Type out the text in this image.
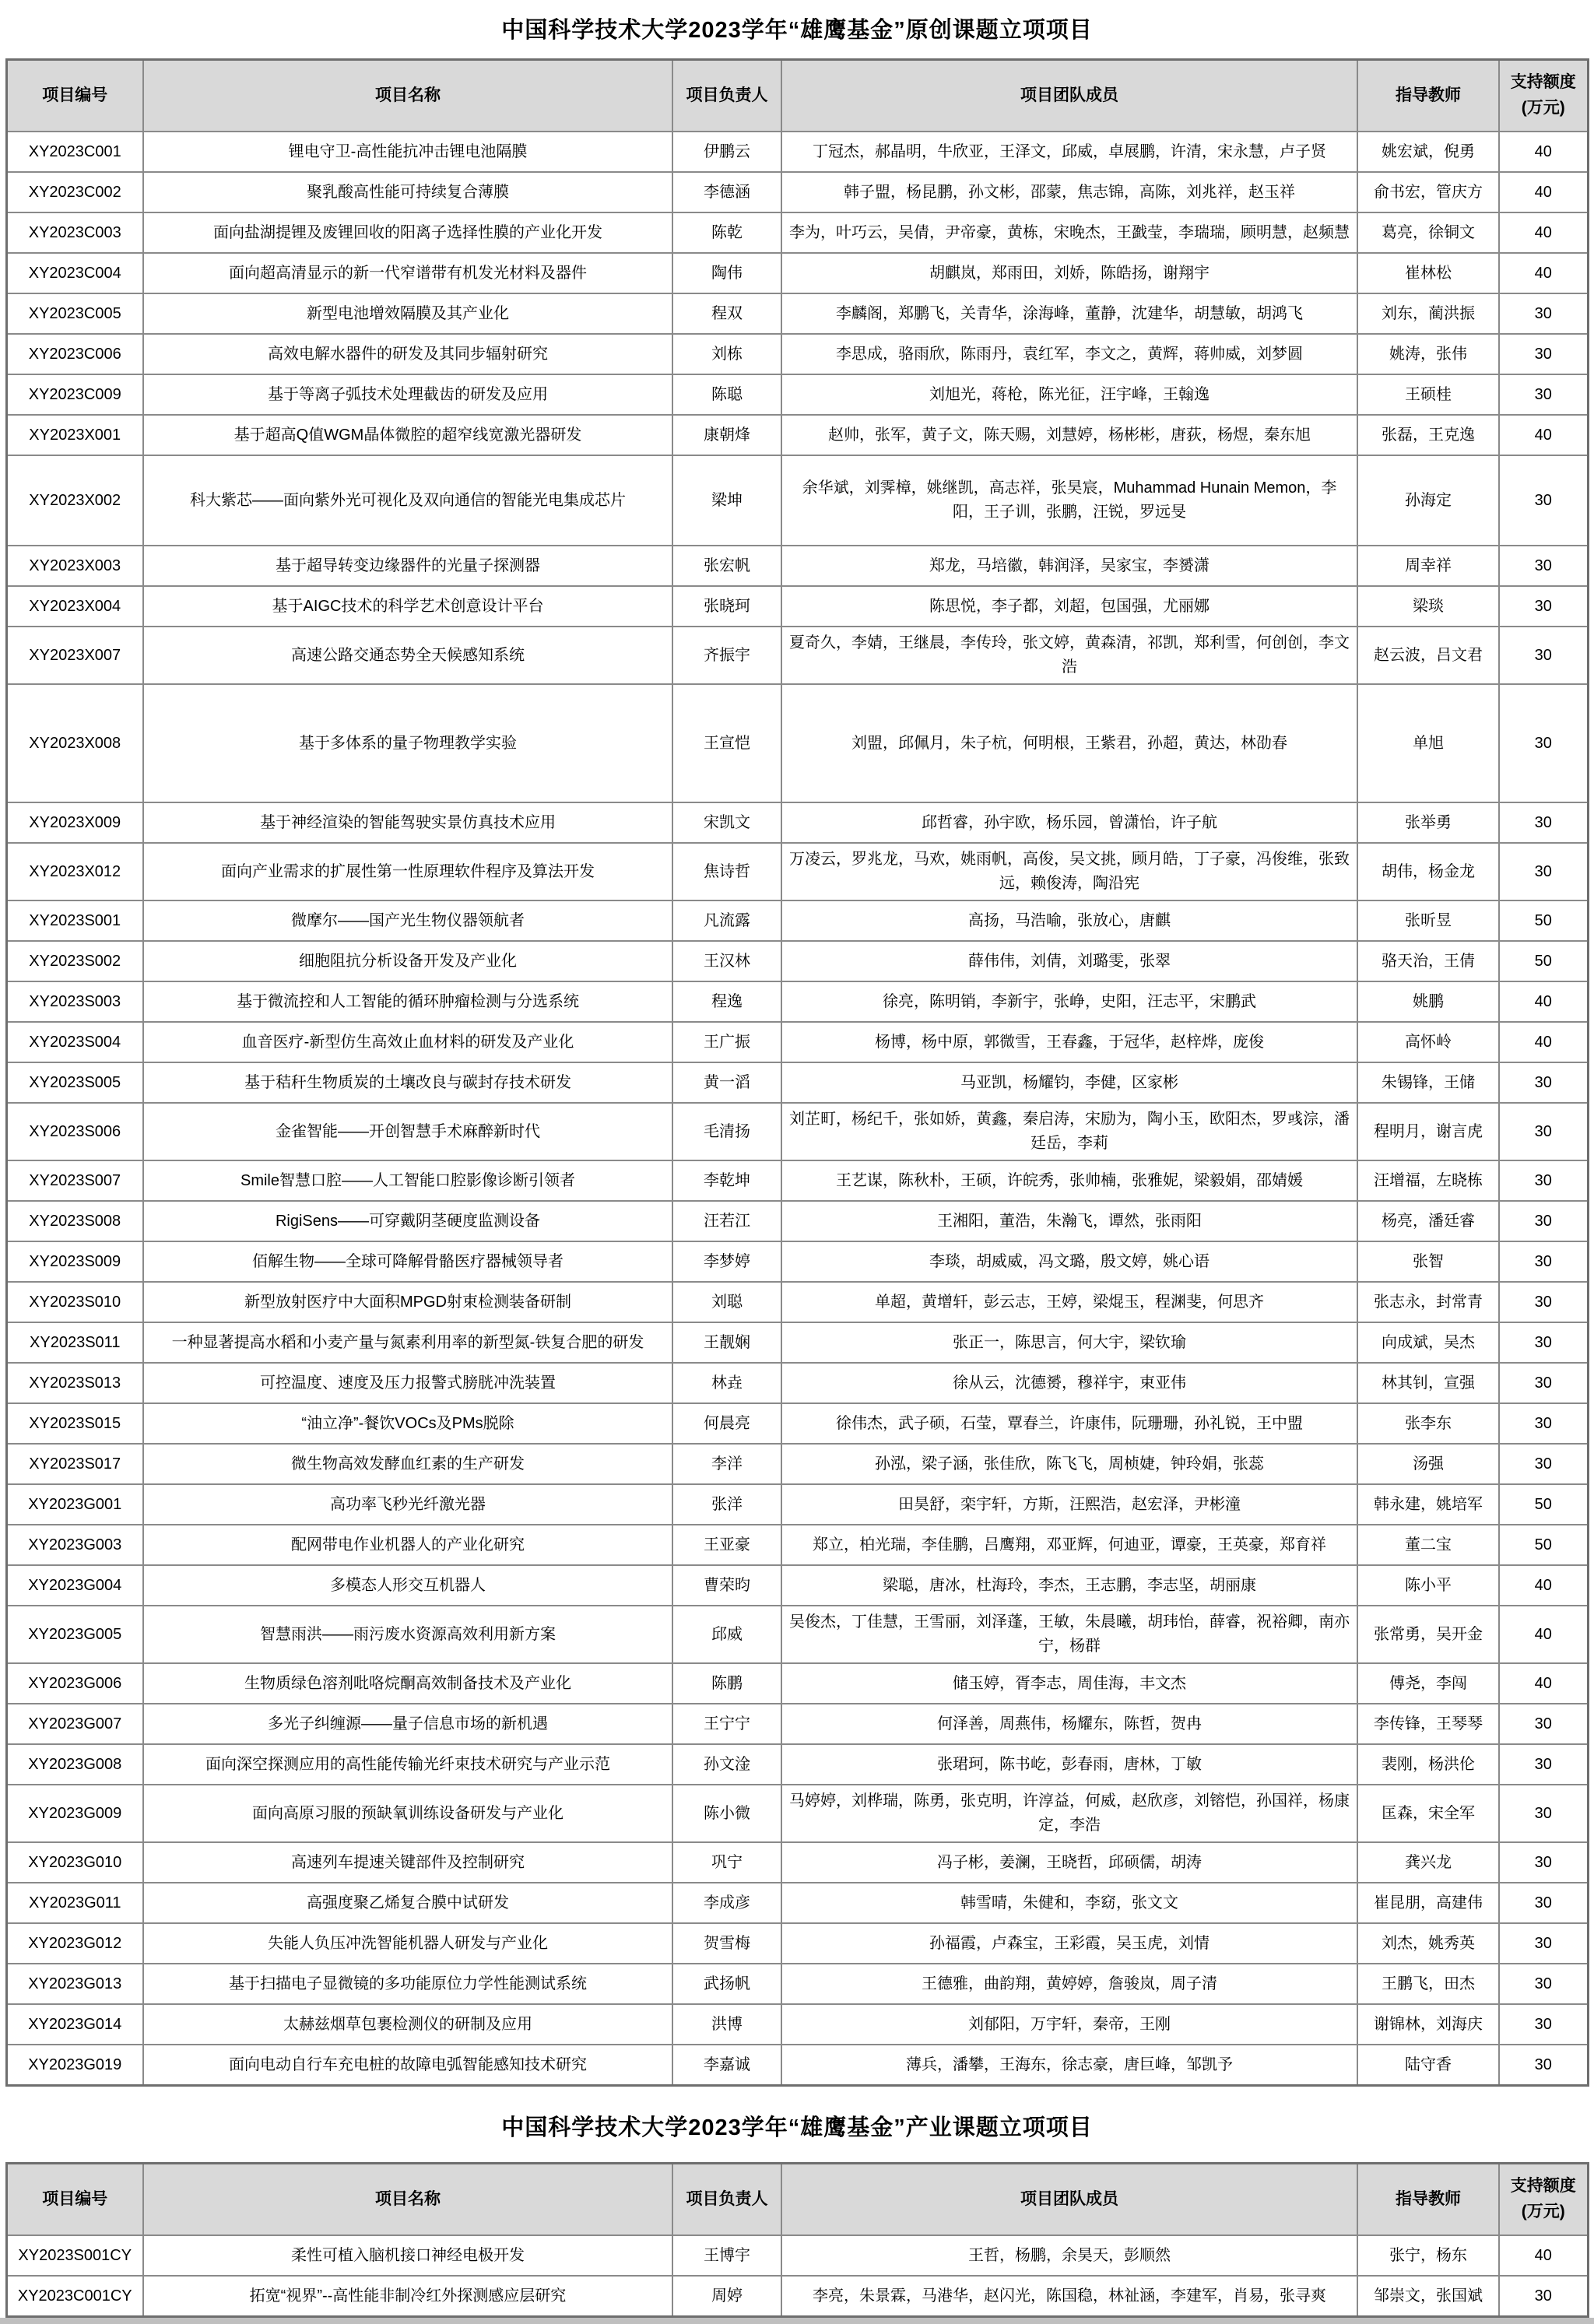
中国科学技术大学2023学年“雄鹰基金”原创课题立项项目
项目编号	项目名称	项目负责人	项目团队成员	指导教师	支持额度(万元)
XY2023C001	锂电守卫-高性能抗冲击锂电池隔膜	伊鹏云	丁冠杰，郝晶明，牛欣亚，王泽文，邱威，卓展鹏，许清，宋永慧，卢子贤	姚宏斌，倪勇	40
XY2023C002	聚乳酸高性能可持续复合薄膜	李德涵	韩子盟，杨昆鹏，孙文彬，邵蒙，焦志锦，高陈，刘兆祥，赵玉祥	俞书宏，管庆方	40
XY2023C003	面向盐湖提锂及废锂回收的阳离子选择性膜的产业化开发	陈乾	李为，叶巧云，吴倩，尹帝豪，黄栋，宋晚杰，王戤莹，李瑞瑞，顾明慧，赵频慧	葛亮，徐铜文	40
XY2023C004	面向超高清显示的新一代窄谱带有机发光材料及器件	陶伟	胡麒岚，郑雨田，刘娇，陈皓扬，谢翔宇	崔林松	40
XY2023C005	新型电池增效隔膜及其产业化	程双	李麟阁，郑鹏飞，关青华，涂海峰，董静，沈建华，胡慧敏，胡鸿飞	刘东，蔺洪振	30
XY2023C006	高效电解水器件的研发及其同步辐射研究	刘栋	李思成，骆雨欣，陈雨丹，袁红军，李文之，黄辉，蒋帅威，刘梦圆	姚涛，张伟	30
XY2023C009	基于等离子弧技术处理截齿的研发及应用	陈聪	刘旭光，蒋枪，陈光征，汪宇峰，王翰逸	王硕桂	30
XY2023X001	基于超高Q值WGM晶体微腔的超窄线宽激光器研发	康朝烽	赵帅，张军，黄子文，陈天赐，刘慧婷，杨彬彬，唐荻，杨煜，秦东旭	张磊，王克逸	40
XY2023X002	科大紫芯——面向紫外光可视化及双向通信的智能光电集成芯片	梁坤	余华斌，刘霁樟，姚继凯，高志祥，张昊宸，Muhammad Hunain Memon，李阳，王子训，张鹏，汪锐，罗远旻	孙海定	30
XY2023X003	基于超导转变边缘器件的光量子探测器	张宏帆	郑龙，马培徽，韩润泽，吴家宝，李赟潇	周幸祥	30
XY2023X004	基于AIGC技术的科学艺术创意设计平台	张晓珂	陈思悦，李子都，刘超，包国强，尤丽娜	梁琰	30
XY2023X007	高速公路交通态势全天候感知系统	齐振宇	夏奇久，李婧，王继晨，李传玲，张文婷，黄森清，祁凯，郑利雪，何创创，李文浩	赵云波，吕文君	30
XY2023X008	基于多体系的量子物理教学实验	王宣恺	刘盟，邱佩月，朱子杭，何明根，王紫君，孙超，黄达，林劭春	单旭	30
XY2023X009	基于神经渲染的智能驾驶实景仿真技术应用	宋凯文	邱哲睿，孙宇欧，杨乐园，曾潇怡，许子航	张举勇	30
XY2023X012	面向产业需求的扩展性第一性原理软件程序及算法开发	焦诗哲	万凌云，罗兆龙，马欢，姚雨帆，高俊，吴文挑，顾月皓，丁子豪，冯俊维，张致远，赖俊涛，陶沿宪	胡伟，杨金龙	30
XY2023S001	微摩尔——国产光生物仪器领航者	凡流露	高扬，马浩喻，张放心，唐麒	张昕昱	50
XY2023S002	细胞阻抗分析设备开发及产业化	王汉林	薛伟伟，刘倩，刘璐雯，张翠	骆天治，王倩	50
XY2023S003	基于微流控和人工智能的循环肿瘤检测与分选系统	程逸	徐亮，陈明销，李新宇，张峥，史阳，汪志平，宋鹏武	姚鹏	40
XY2023S004	血音医疗-新型仿生高效止血材料的研发及产业化	王广振	杨博，杨中原，郭微雪，王春鑫，于冠华，赵梓烨，庞俊	高怀岭	40
XY2023S005	基于秸秆生物质炭的土壤改良与碳封存技术研发	黄一滔	马亚凯，杨耀钧，李健，区家彬	朱锡锋，王储	30
XY2023S006	金雀智能——开创智慧手术麻醉新时代	毛清扬	刘芷町，杨纪千，张如娇，黄鑫，秦启涛，宋励为，陶小玉，欧阳杰，罗彧淙，潘廷岳，李莉	程明月，谢言虎	30
XY2023S007	Smile智慧口腔——人工智能口腔影像诊断引领者	李乾坤	王艺谋，陈秋朴，王硕，许皖秀，张帅楠，张雅妮，梁毅娟，邵婧媛	汪增福，左晓栋	30
XY2023S008	RigiSens——可穿戴阴茎硬度监测设备	汪若江	王湘阳，董浩，朱瀚飞，谭然，张雨阳	杨亮，潘廷睿	30
XY2023S009	佰解生物——全球可降解骨骼医疗器械领导者	李梦婷	李琰，胡威威，冯文璐，殷文婷，姚心语	张智	30
XY2023S010	新型放射医疗中大面积MPGD射束检测装备研制	刘聪	单超，黄增轩，彭云志，王婷，梁焜玉，程渊斐，何思齐	张志永，封常青	30
XY2023S011	一种显著提高水稻和小麦产量与氮素利用率的新型氮-铁复合肥的研发	王靓娴	张正一，陈思言，何大宇，梁钦瑜	向成斌，吴杰	30
XY2023S013	可控温度、速度及压力报警式膀胱冲洗装置	林垚	徐从云，沈德赟，穆祥宇，束亚伟	林其钊，宣强	30
XY2023S015	“油立净”-餐饮VOCs及PMs脱除	何晨亮	徐伟杰，武子硕，石莹，覃春兰，许康伟，阮珊珊，孙礼锐，王中盟	张李东	30
XY2023S017	微生物高效发酵血红素的生产研发	李洋	孙泓，梁子涵，张佳欣，陈飞飞，周桢婕，钟玲娟，张蕊	汤强	30
XY2023G001	高功率飞秒光纤激光器	张洋	田昊舒，栾宇轩，方斯，汪熙浩，赵宏泽，尹彬潼	韩永建，姚培军	50
XY2023G003	配网带电作业机器人的产业化研究	王亚豪	郑立，柏光瑞，李佳鹏，吕鹰翔，邓亚辉，何迪亚，谭豪，王英豪，郑育祥	董二宝	50
XY2023G004	多模态人形交互机器人	曹荣昀	梁聪，唐冰，杜海玲，李杰，王志鹏，李志坚，胡丽康	陈小平	40
XY2023G005	智慧雨洪——雨污废水资源高效利用新方案	邱威	吴俊杰，丁佳慧，王雪丽，刘泽蓬，王敏，朱晨曦，胡玮怡，薛睿，祝裕卿，南亦宁，杨群	张常勇，吴开金	40
XY2023G006	生物质绿色溶剂吡咯烷酮高效制备技术及产业化	陈鹏	储玉婷，胥李志，周佳海，丰文杰	傅尧，李闯	40
XY2023G007	多光子纠缠源——量子信息市场的新机遇	王宁宁	何泽善，周燕伟，杨耀东，陈哲，贺冉	李传锋，王琴琴	30
XY2023G008	面向深空探测应用的高性能传输光纤束技术研究与产业示范	孙文淦	张珺珂，陈书屹，彭春雨，唐林，丁敏	裴刚，杨洪伦	30
XY2023G009	面向高原习服的预缺氧训练设备研发与产业化	陈小微	马婷婷，刘桦瑞，陈勇，张克明，许淳益，何威，赵欣彦，刘镕恺，孙国祥，杨康定，李浩	匡森，宋全军	30
XY2023G010	高速列车提速关键部件及控制研究	巩宁	冯子彬，姜澜，王晓哲，邱硕儒，胡涛	龚兴龙	30
XY2023G011	高强度聚乙烯复合膜中试研发	李成彦	韩雪晴，朱健和，李窈，张文文	崔昆朋，高建伟	30
XY2023G012	失能人负压冲洗智能机器人研发与产业化	贺雪梅	孙福霞，卢森宝，王彩霞，吴玉虎，刘情	刘杰，姚秀英	30
XY2023G013	基于扫描电子显微镜的多功能原位力学性能测试系统	武扬帆	王德雅，曲韵翔，黄婷婷，詹骏岚，周子清	王鹏飞，田杰	30
XY2023G014	太赫兹烟草包裹检测仪的研制及应用	洪博	刘郁阳，万宇轩，秦帝，王刚	谢锦林，刘海庆	30
XY2023G019	面向电动自行车充电桩的故障电弧智能感知技术研究	李嘉诚	薄兵，潘攀，王海东，徐志豪，唐巨峰，邹凯予	陆守香	30
中国科学技术大学2023学年“雄鹰基金”产业课题立项项目
项目编号	项目名称	项目负责人	项目团队成员	指导教师	支持额度(万元)
XY2023S001CY	柔性可植入脑机接口神经电极开发	王博宇	王哲，杨鹏，余昊天，彭顺然	张宁，杨东	40
XY2023C001CY	拓宽“视界”--高性能非制冷红外探测感应层研究	周婷	李亮，朱景霖，马港华，赵闪光，陈国稳，林祉涵，李建军，肖易，张寻爽	邹崇文，张国斌	30
